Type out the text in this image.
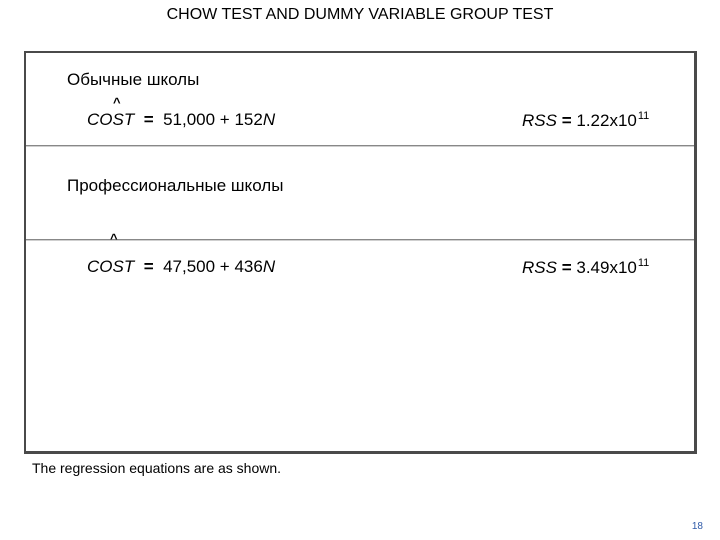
CHOW TEST AND DUMMY VARIABLE GROUP TEST
Обычные школы
^
COST = 51,000 + 152N	RSS = $1.22x10^{11}$
Профессиональные школы
^
COST = 47,500 + 436N	RSS = $3.49x10^{11}$
The regression equations are as shown.
18
